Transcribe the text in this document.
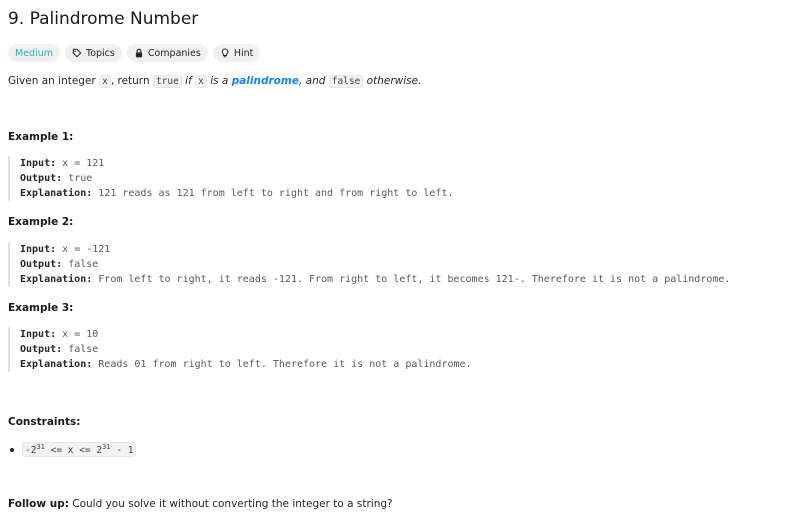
9. Palindrome Number
Medium	Topics	Companies	Hint
Given an integer x , return true if x is a palindrome, and false otherwise.
Example 1:
Input: x = 121
Output: true
Explanation: 121 reads as 121 from left to right and from right to left.
Example 2:
Input: x = -121
Output: false
Explanation: From left to right, it reads -121. From right to left, it becomes 121-. Therefore it is not a palindrome.
Example 3:
Input: x = 10
Output: false
Explanation: Reads 01 from right to left. Therefore it is not a palindrome.
Constraints:
$-2^{31} <= x <= 2^{31} - 1$
Follow up: Could you solve it without converting the integer to a string?
